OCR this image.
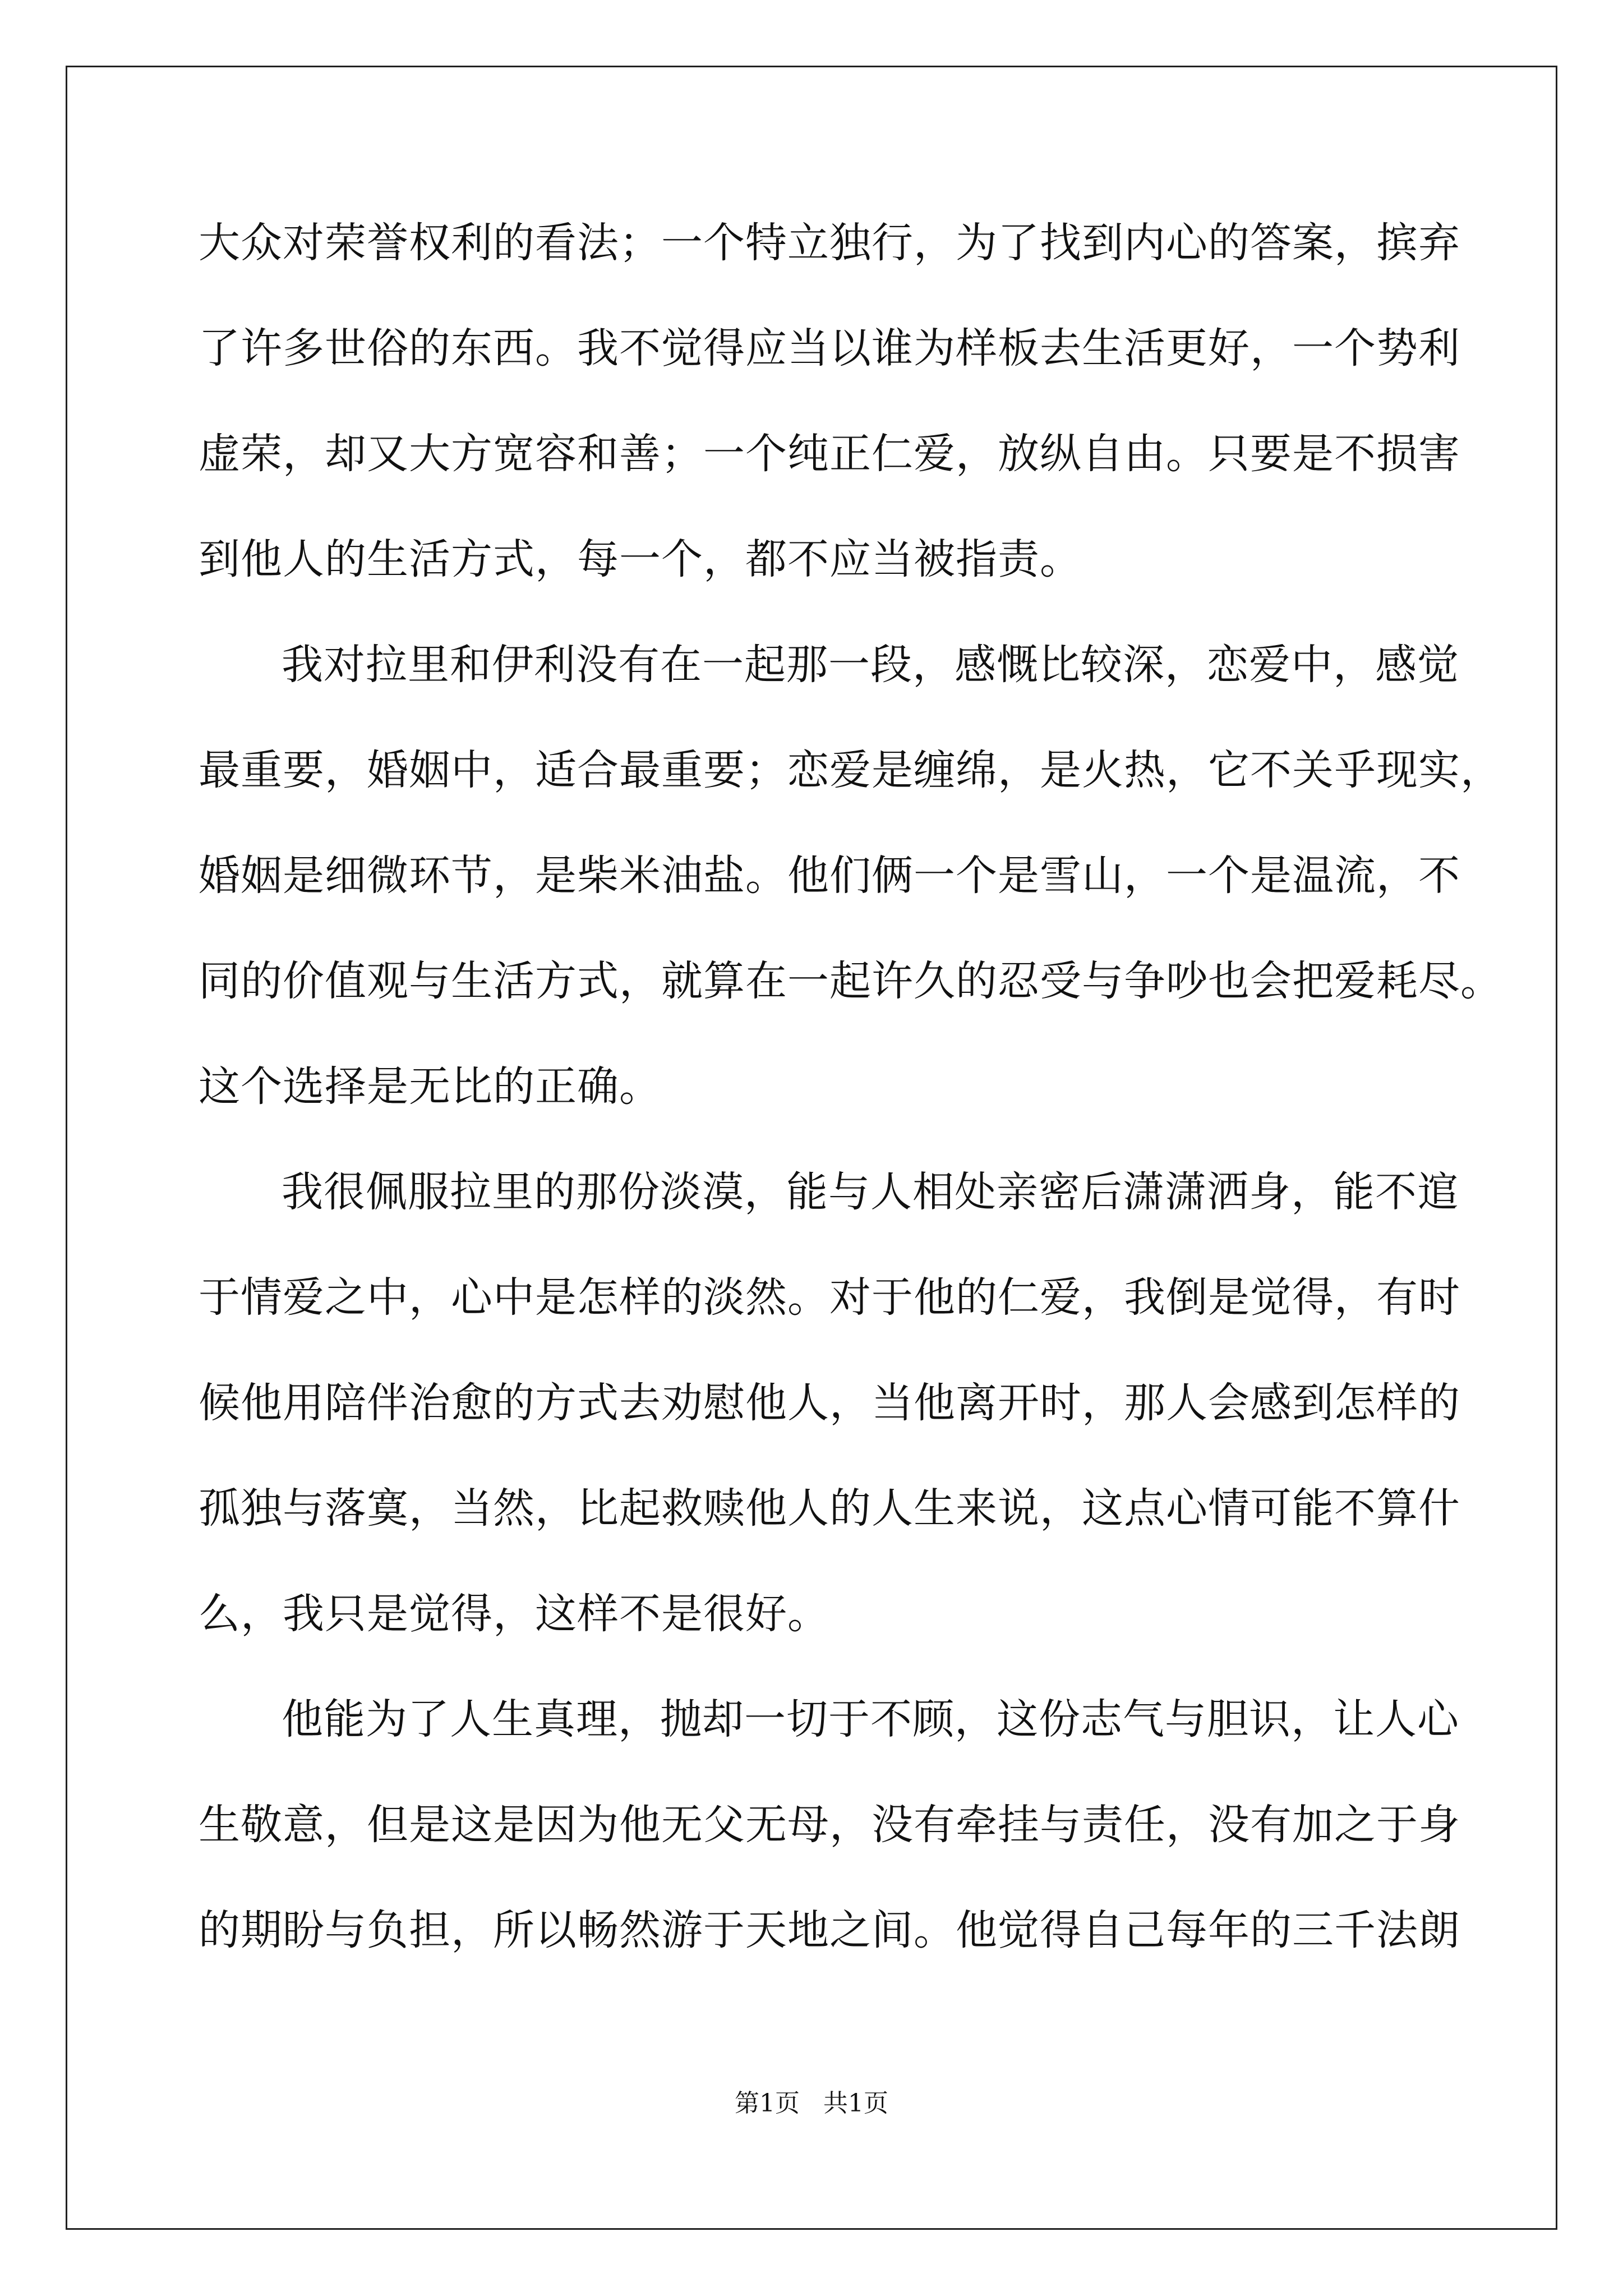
大众对荣誉权利的看法；一个特立独行，为了找到内心的答案，摈弃
了许多世俗的东西。我不觉得应当以谁为样板去生活更好，一个势利
虚荣，却又大方宽容和善；一个纯正仁爱，放纵自由。只要是不损害
到他人的生活方式，每一个，都不应当被指责。
我对拉里和伊利没有在一起那一段，感慨比较深，恋爱中，感觉
最重要，婚姻中，适合最重要；恋爱是缠绵，是火热，它不关乎现实，
婚姻是细微环节，是柴米油盐。他们俩一个是雪山，一个是温流，不
同的价值观与生活方式，就算在一起许久的忍受与争吵也会把爱耗尽。
这个选择是无比的正确。
我很佩服拉里的那份淡漠，能与人相处亲密后潇潇洒身，能不逭
于情爱之中，心中是怎样的淡然。对于他的仁爱，我倒是觉得，有时
候他用陪伴治愈的方式去劝慰他人，当他离开时，那人会感到怎样的
孤独与落寞，当然，比起救赎他人的人生来说，这点心情可能不算什
么，我只是觉得，这样不是很好。
他能为了人生真理，抛却一切于不顾，这份志气与胆识，让人心
生敬意，但是这是因为他无父无母，没有牵挂与责任，没有加之于身
的期盼与负担，所以畅然游于天地之间。他觉得自己每年的三千法朗
第1页 共1页
